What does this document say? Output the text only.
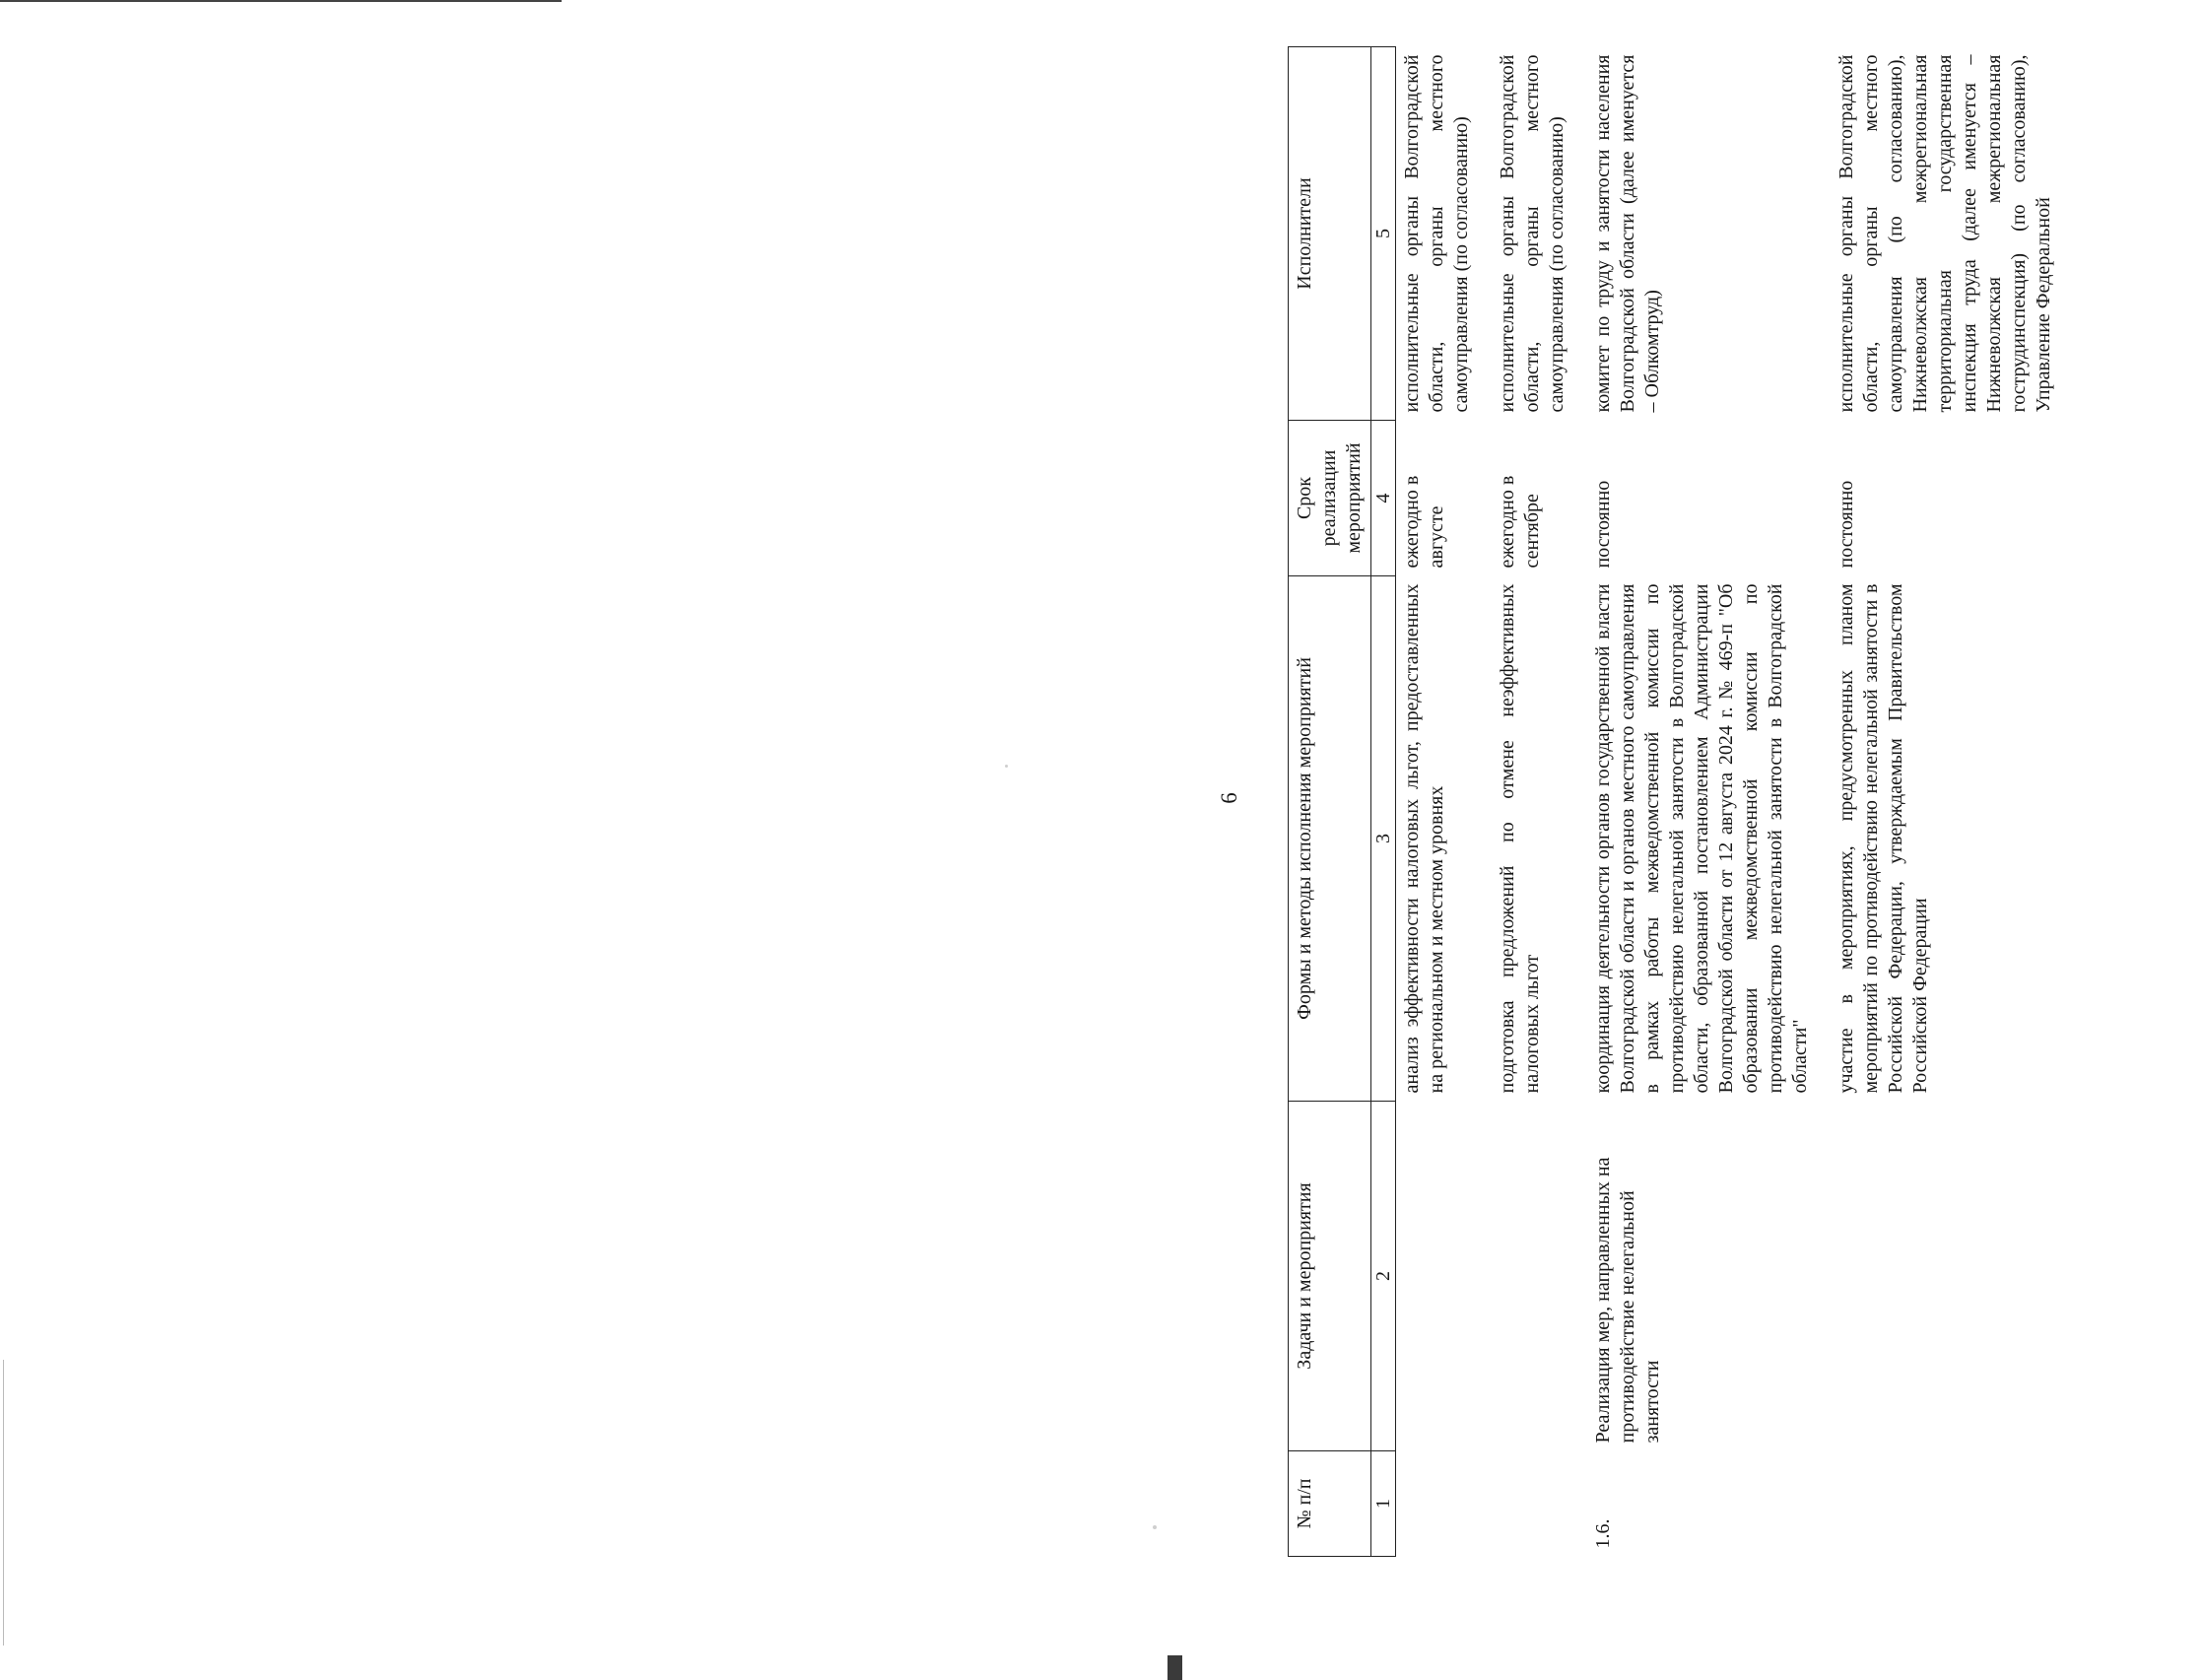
6
№ п/п	Задачи и мероприятия	Формы и методы исполнения мероприятий	Срок реализации мероприятий	Исполнители
1	2	3	4	5
		анализ эффективности налоговых льгот, предоставленных на региональном и местном уровнях	ежегодно в августе	исполнительные органы Волгоградской области, органы местного самоуправления (по согласованию)
		подготовка предложений по отмене неэффективных налоговых льгот	ежегодно в сентябре	исполнительные органы Волгоградской области, органы местного самоуправления (по согласованию)
1.6.	Реализация мер, направленных на противодействие нелегальной занятости	координация деятельности органов государственной власти Волгоградской области и органов местного самоуправления в рамках работы межведомственной комиссии по противодействию нелегальной занятости в Волгоградской области, образованной постановлением Администрации Волгоградской области от 12 августа 2024 г. № 469-п "Об образовании межведомственной комиссии по противодействию нелегальной занятости в Волгоградской области"	постоянно	комитет по труду и занятости населения Волгоградской области (далее именуется – Облкомтруд)
		участие в мероприятиях, предусмотренных планом мероприятий по противодействию нелегальной занятости в Российской Федерации, утверждаемым Правительством Российской Федерации	постоянно	исполнительные органы Волгоградской области, органы местного самоуправления (по согласованию), Нижневолжская межрегиональная территориальная государственная инспекция труда (далее именуется – Нижневолжская межрегиональная гострудинспекция) (по согласованию), Управление Федеральной
